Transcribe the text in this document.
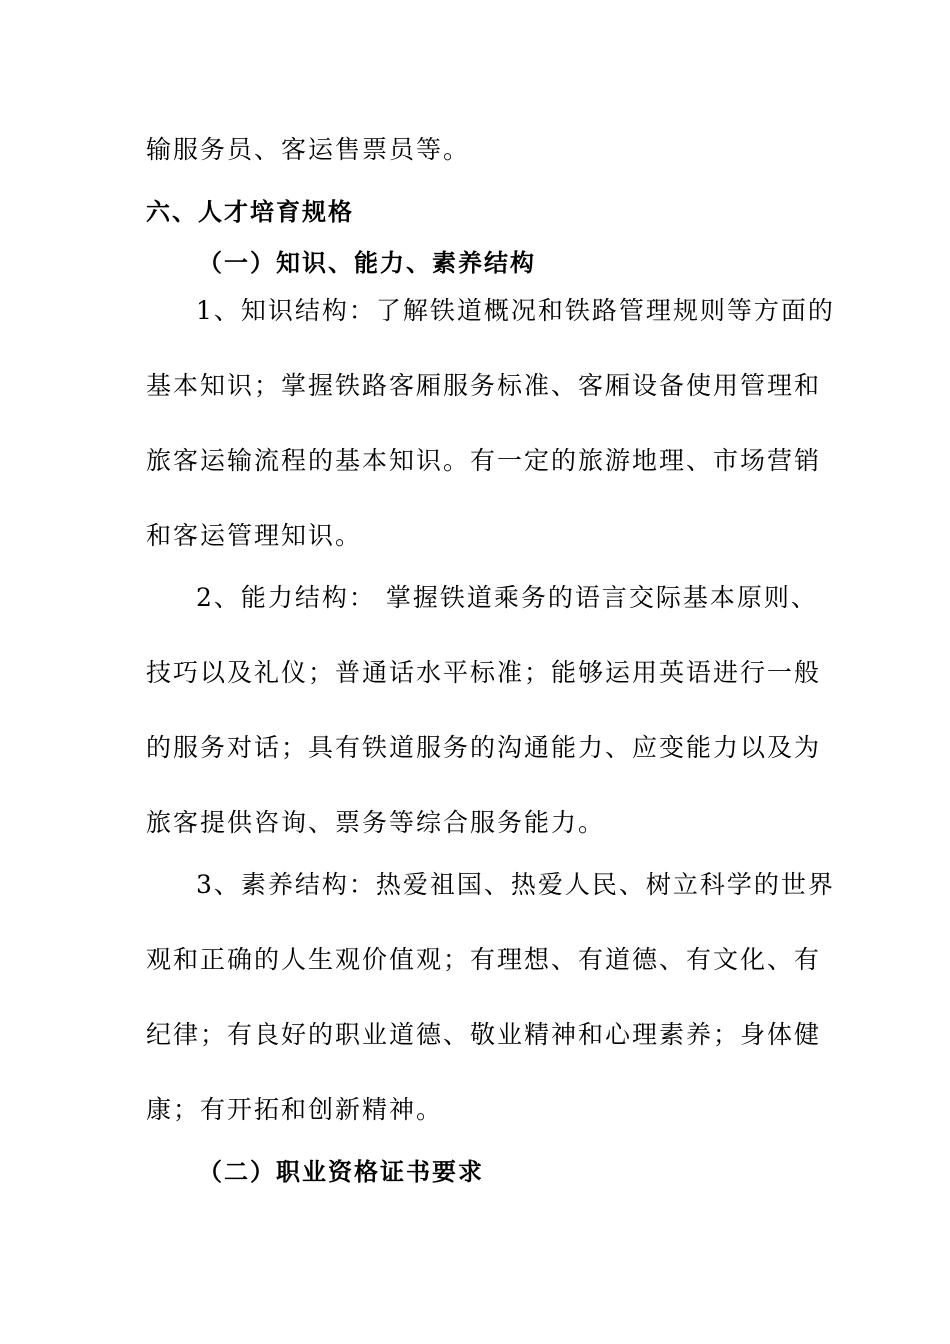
输服务员、客运售票员等。
六、人才培育规格
（一）知识、能力、素养结构
1、知识结构：了解铁道概况和铁路管理规则等方面的
基本知识；掌握铁路客厢服务标准、客厢设备使用管理和
旅客运输流程的基本知识。有一定的旅游地理、市场营销
和客运管理知识。
2、能力结构： 掌握铁道乘务的语言交际基本原则、
技巧以及礼仪；普通话水平标准；能够运用英语进行一般
的服务对话；具有铁道服务的沟通能力、应变能力以及为
旅客提供咨询、票务等综合服务能力。
3、素养结构：热爱祖国、热爱人民、树立科学的世界
观和正确的人生观价值观；有理想、有道德、有文化、有
纪律；有良好的职业道德、敬业精神和心理素养；身体健
康；有开拓和创新精神。
（二）职业资格证书要求
